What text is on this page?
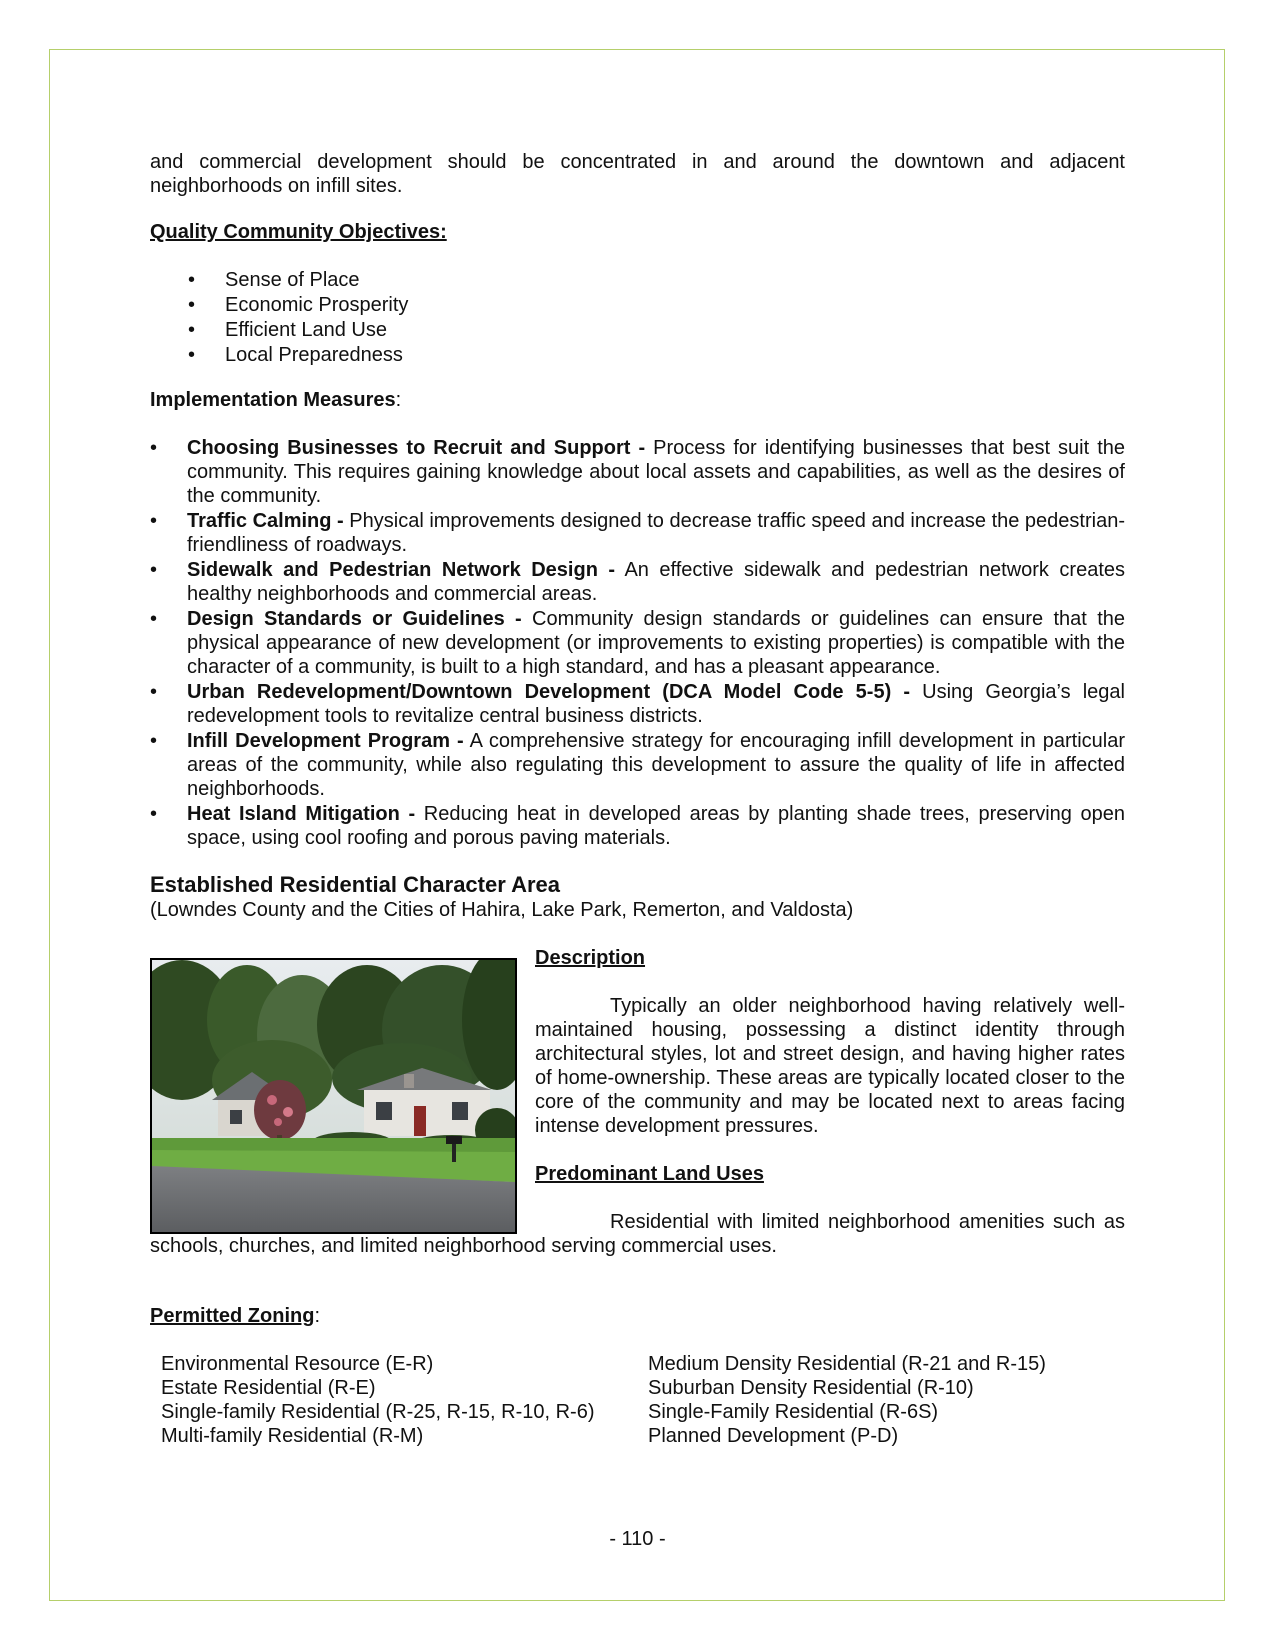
and commercial development should be concentrated in and around the downtown and adjacent neighborhoods on infill sites.

Quality Community Objectives:

• Sense of Place
• Economic Prosperity
• Efficient Land Use
• Local Preparedness

Implementation Measures:

• Choosing Businesses to Recruit and Support - Process for identifying businesses that best suit the community. This requires gaining knowledge about local assets and capabilities, as well as the desires of the community.
• Traffic Calming - Physical improvements designed to decrease traffic speed and increase the pedestrian-friendliness of roadways.
• Sidewalk and Pedestrian Network Design - An effective sidewalk and pedestrian network creates healthy neighborhoods and commercial areas.
• Design Standards or Guidelines - Community design standards or guidelines can ensure that the physical appearance of new development (or improvements to existing properties) is compatible with the character of a community, is built to a high standard, and has a pleasant appearance.
• Urban Redevelopment/Downtown Development (DCA Model Code 5-5) - Using Georgia’s legal redevelopment tools to revitalize central business districts.
• Infill Development Program - A comprehensive strategy for encouraging infill development in particular areas of the community, while also regulating this development to assure the quality of life in affected neighborhoods.
• Heat Island Mitigation - Reducing heat in developed areas by planting shade trees, preserving open space, using cool roofing and porous paving materials.

Established Residential Character Area

(Lowndes County and the Cities of Hahira, Lake Park, Remerton, and Valdosta)

Description

Typically an older neighborhood having relatively well-maintained housing, possessing a distinct identity through architectural styles, lot and street design, and having higher rates of home-ownership. These areas are typically located closer to the core of the community and may be located next to areas facing intense development pressures.

Predominant Land Uses

Residential with limited neighborhood amenities such as schools, churches, and limited neighborhood serving commercial uses.

Permitted Zoning:

Environmental Resource (E-R)
Estate Residential (R-E)
Single-family Residential (R-25, R-15, R-10, R-6)
Multi-family Residential (R-M)
Medium Density Residential (R-21 and R-15)
Suburban Density Residential (R-10)
Single-Family Residential (R-6S)
Planned Development (P-D)
- 110 -
